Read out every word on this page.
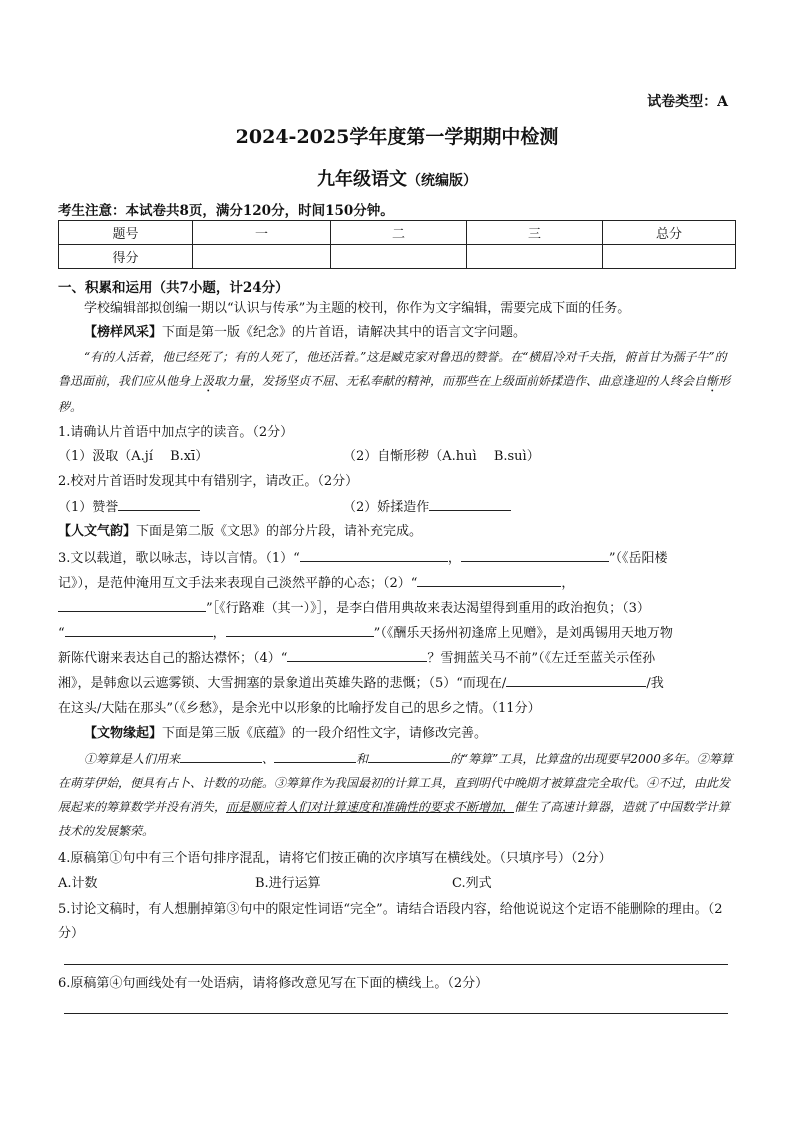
试卷类型：A
2024-2025学年度第一学期期中检测
九年级语文（统编版）
考生注意：本试卷共8页，满分120分，时间150分钟。
题号	一	二	三	总分
得分				
一、积累和运用（共7小题，计24分）
学校编辑部拟创编一期以“认识与传承”为主题的校刊，你作为文字编辑，需要完成下面的任务。
【榜样风采】下面是第一版《纪念》的片首语，请解决其中的语言文字问题。
“有的人活着，他已经死了；有的人死了，他还活着。”这是臧克家对鲁迅的赞誉。在“横眉冷对千夫指，俯首甘为孺子牛”的鲁迅面前，我们应从他身上汲取力量，发扬坚贞不屈、无私奉献的精神，而那些在上级面前娇揉造作、曲意逢迎的人终会自惭形秽。
1.请确认片首语中加点字的读音。（2分）
（1）汲取（A.jí　 B.xī）	（2）自惭形秽（A.huì　 B.suì）
2.校对片首语时发现其中有错别字，请改正。（2分）
（1）赞誉	（2）娇揉造作
【人文气韵】下面是第二版《文思》的部分片段，请补充完成。
3.文以载道，歌以咏志，诗以言情。（1）“	，	”（《岳阳楼
记》），是范仲淹用互文手法来表现自己淡然平静的心态；（2）“	，
”［《行路难（其一）》］，是李白借用典故来表达渴望得到重用的政治抱负；（3）
“	，	”（《酬乐天扬州初逢席上见赠》，是刘禹锡用天地万物
新陈代谢来表达自己的豁达襟怀；（4）“	？雪拥蓝关马不前”（《左迁至蓝关示侄孙
湘》，是韩愈以云遮雾锁、大雪拥塞的景象道出英雄失路的悲慨；（5）“而现在/	/我
在这头/大陆在那头”（《乡愁》，是余光中以形象的比喻抒发自己的思乡之情。（11分）
【文物缘起】下面是第三版《底蕴》的一段介绍性文字，请修改完善。
①筹算是人们用来	、	和	的“筹算”工具，比算盘的出现要早2000多年。②筹算在萌芽伊始，便具有占卜、计数的功能。③筹算作为我国最初的计算工具，直到明代中晚期才被算盘完全取代。④不过，由此发展起来的筹算数学并没有消失，而是顺应着人们对计算速度和准确性的要求不断增加，催生了高速计算器，造就了中国数学计算技术的发展繁荣。
4.原稿第①句中有三个语句排序混乱，请将它们按正确的次序填写在横线处。（只填序号）（2分）
A.计数	B.进行运算	C.列式
5.讨论文稿时，有人想删掉第③句中的限定性词语“完全”。请结合语段内容，给他说说这个定语不能删除的理由。（2分）
6.原稿第④句画线处有一处语病，请将修改意见写在下面的横线上。（2分）
